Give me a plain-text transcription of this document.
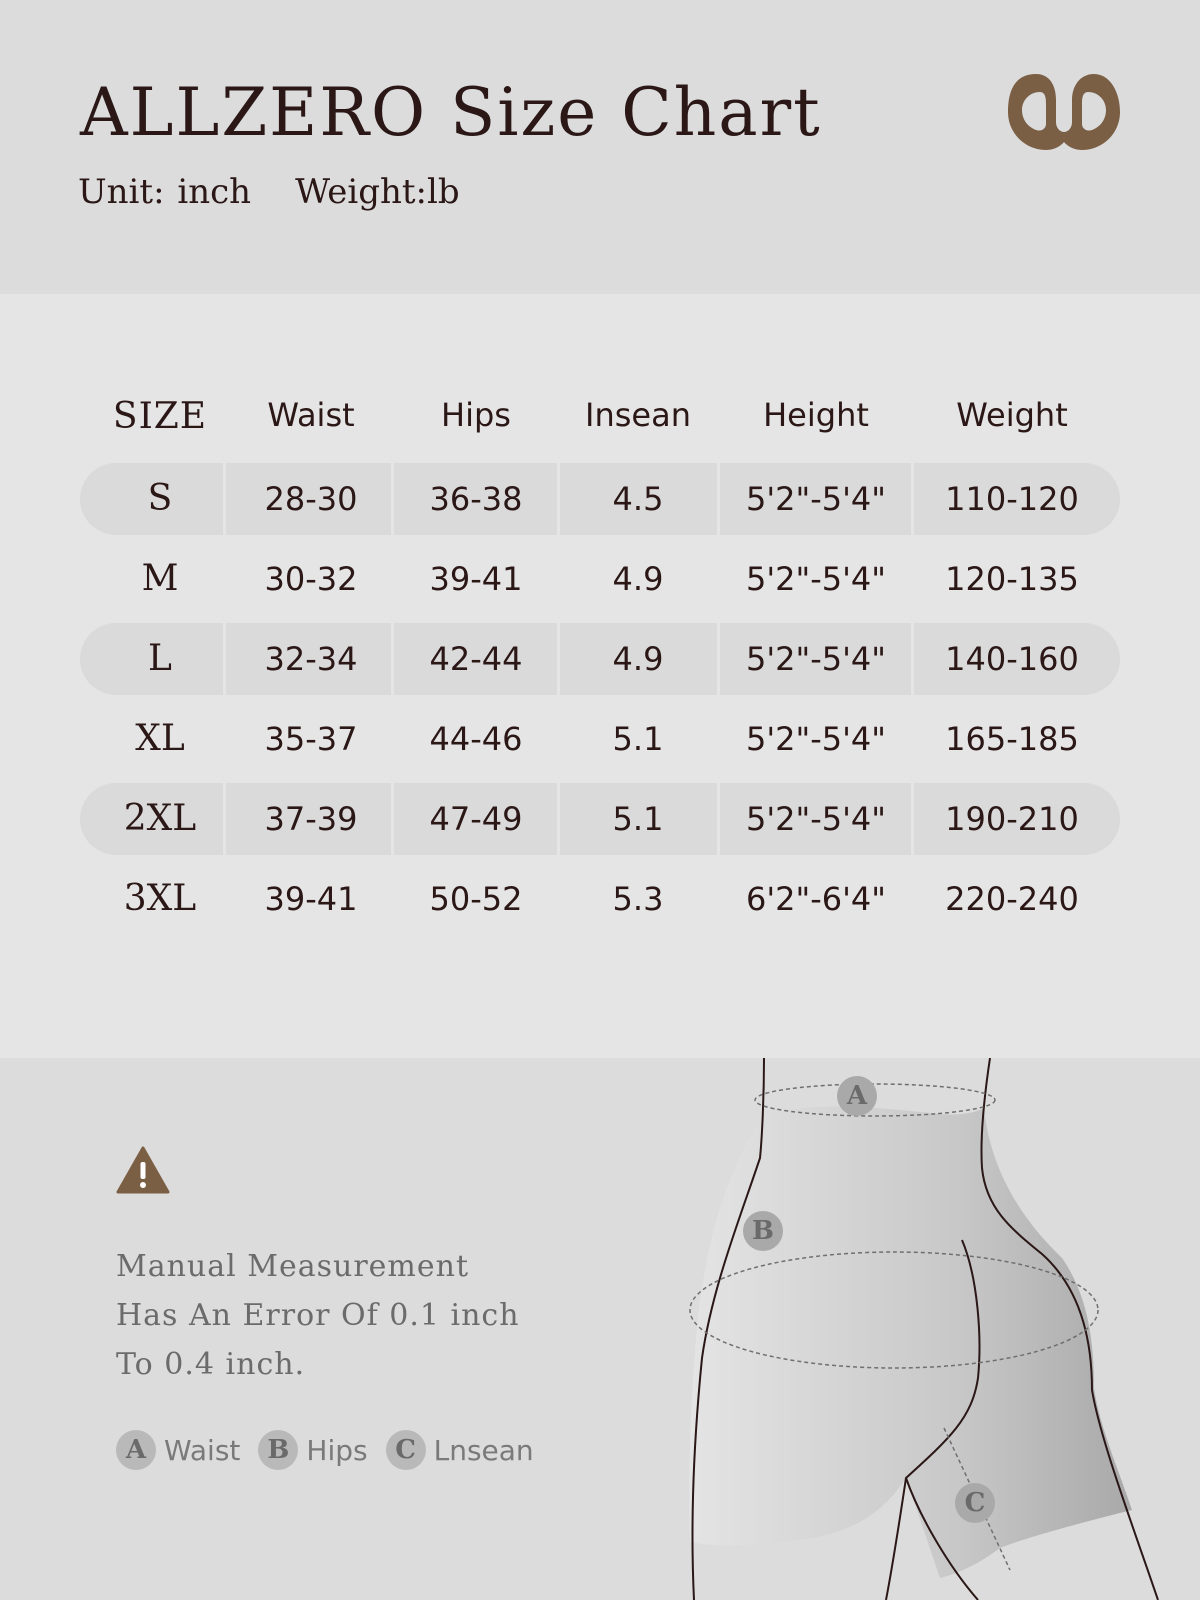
ALLZERO Size Chart
Unit: inch Weight:lb
SIZE	Waist	Hips	Insean	Height	Weight
S	28-30	36-38	4.5	5'2"-5'4"	110-120
M	30-32	39-41	4.9	5'2"-5'4"	120-135
L	32-34	42-44	4.9	5'2"-5'4"	140-160
XL	35-37	44-46	5.1	5'2"-5'4"	165-185
2XL	37-39	47-49	5.1	5'2"-5'4"	190-210
3XL	39-41	50-52	5.3	6'2"-6'4"	220-240
Manual Measurement
Has An Error Of 0.1 inch
To 0.4 inch.
A Waist	B Hips	C Lnsean
A
B
C
